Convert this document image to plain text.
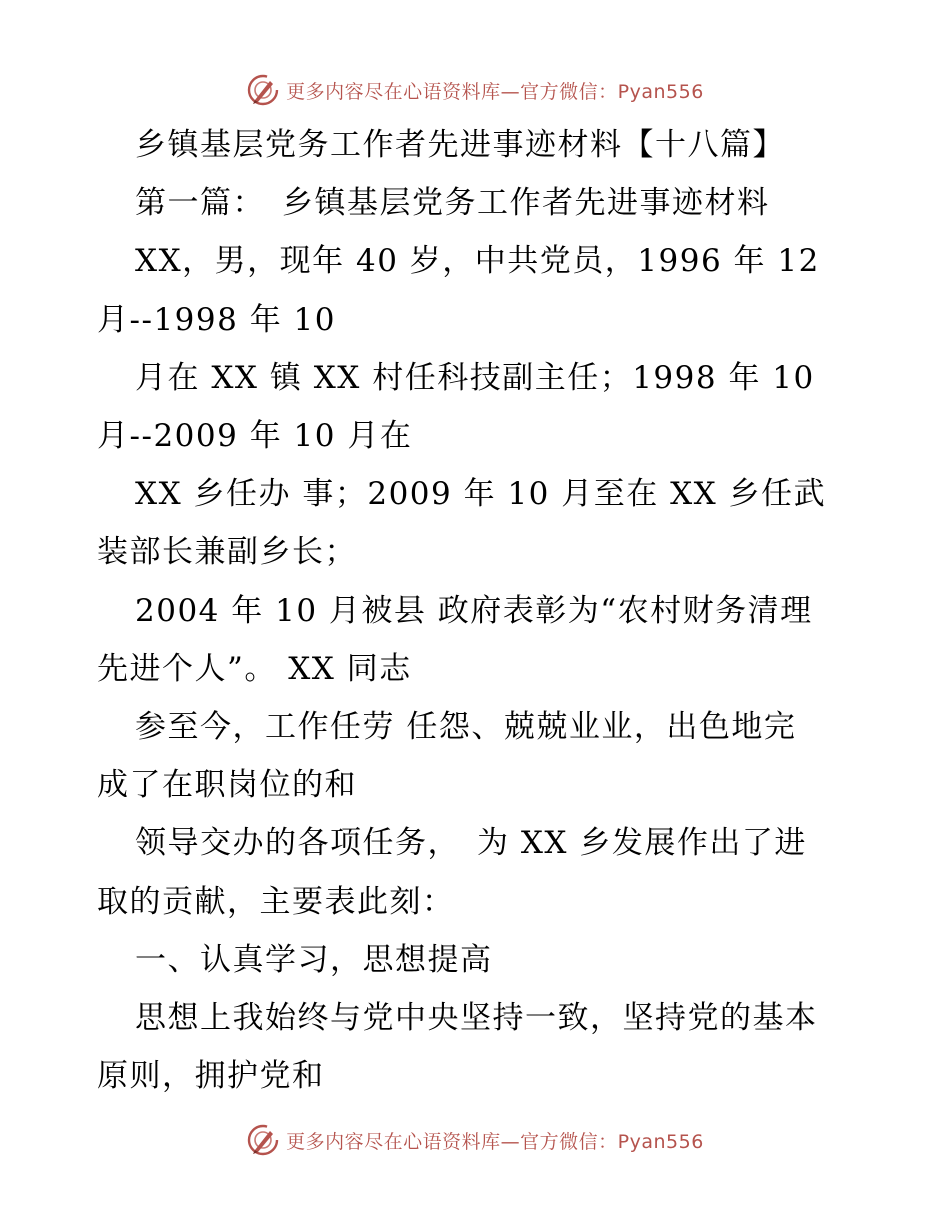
更多内容尽在心语资料库—官方微信：Pyan556

乡镇基层党务工作者先进事迹材料【十八篇】

第一篇：　乡镇基层党务工作者先进事迹材料

XX，男，现年 40 岁，中共党员，1996 年 12
月--1998 年 10

月在 XX 镇 XX 村任科技副主任；1998 年 10
月--2009 年 10 月在

XX 乡任办 事；2009 年 10 月至在 XX 乡任武
装部长兼副乡长；

2004 年 10 月被县 政府表彰为“农村财务清理
先进个人”。 XX 同志

参至今，工作任劳 任怨、兢兢业业，出色地完
成了在职岗位的和

领导交办的各项任务，　为 XX 乡发展作出了进
取的贡献，主要表此刻：

一、认真学习，思想提高

思想上我始终与党中央坚持一致，坚持党的基本
原则，拥护党和

更多内容尽在心语资料库—官方微信：Pyan556
